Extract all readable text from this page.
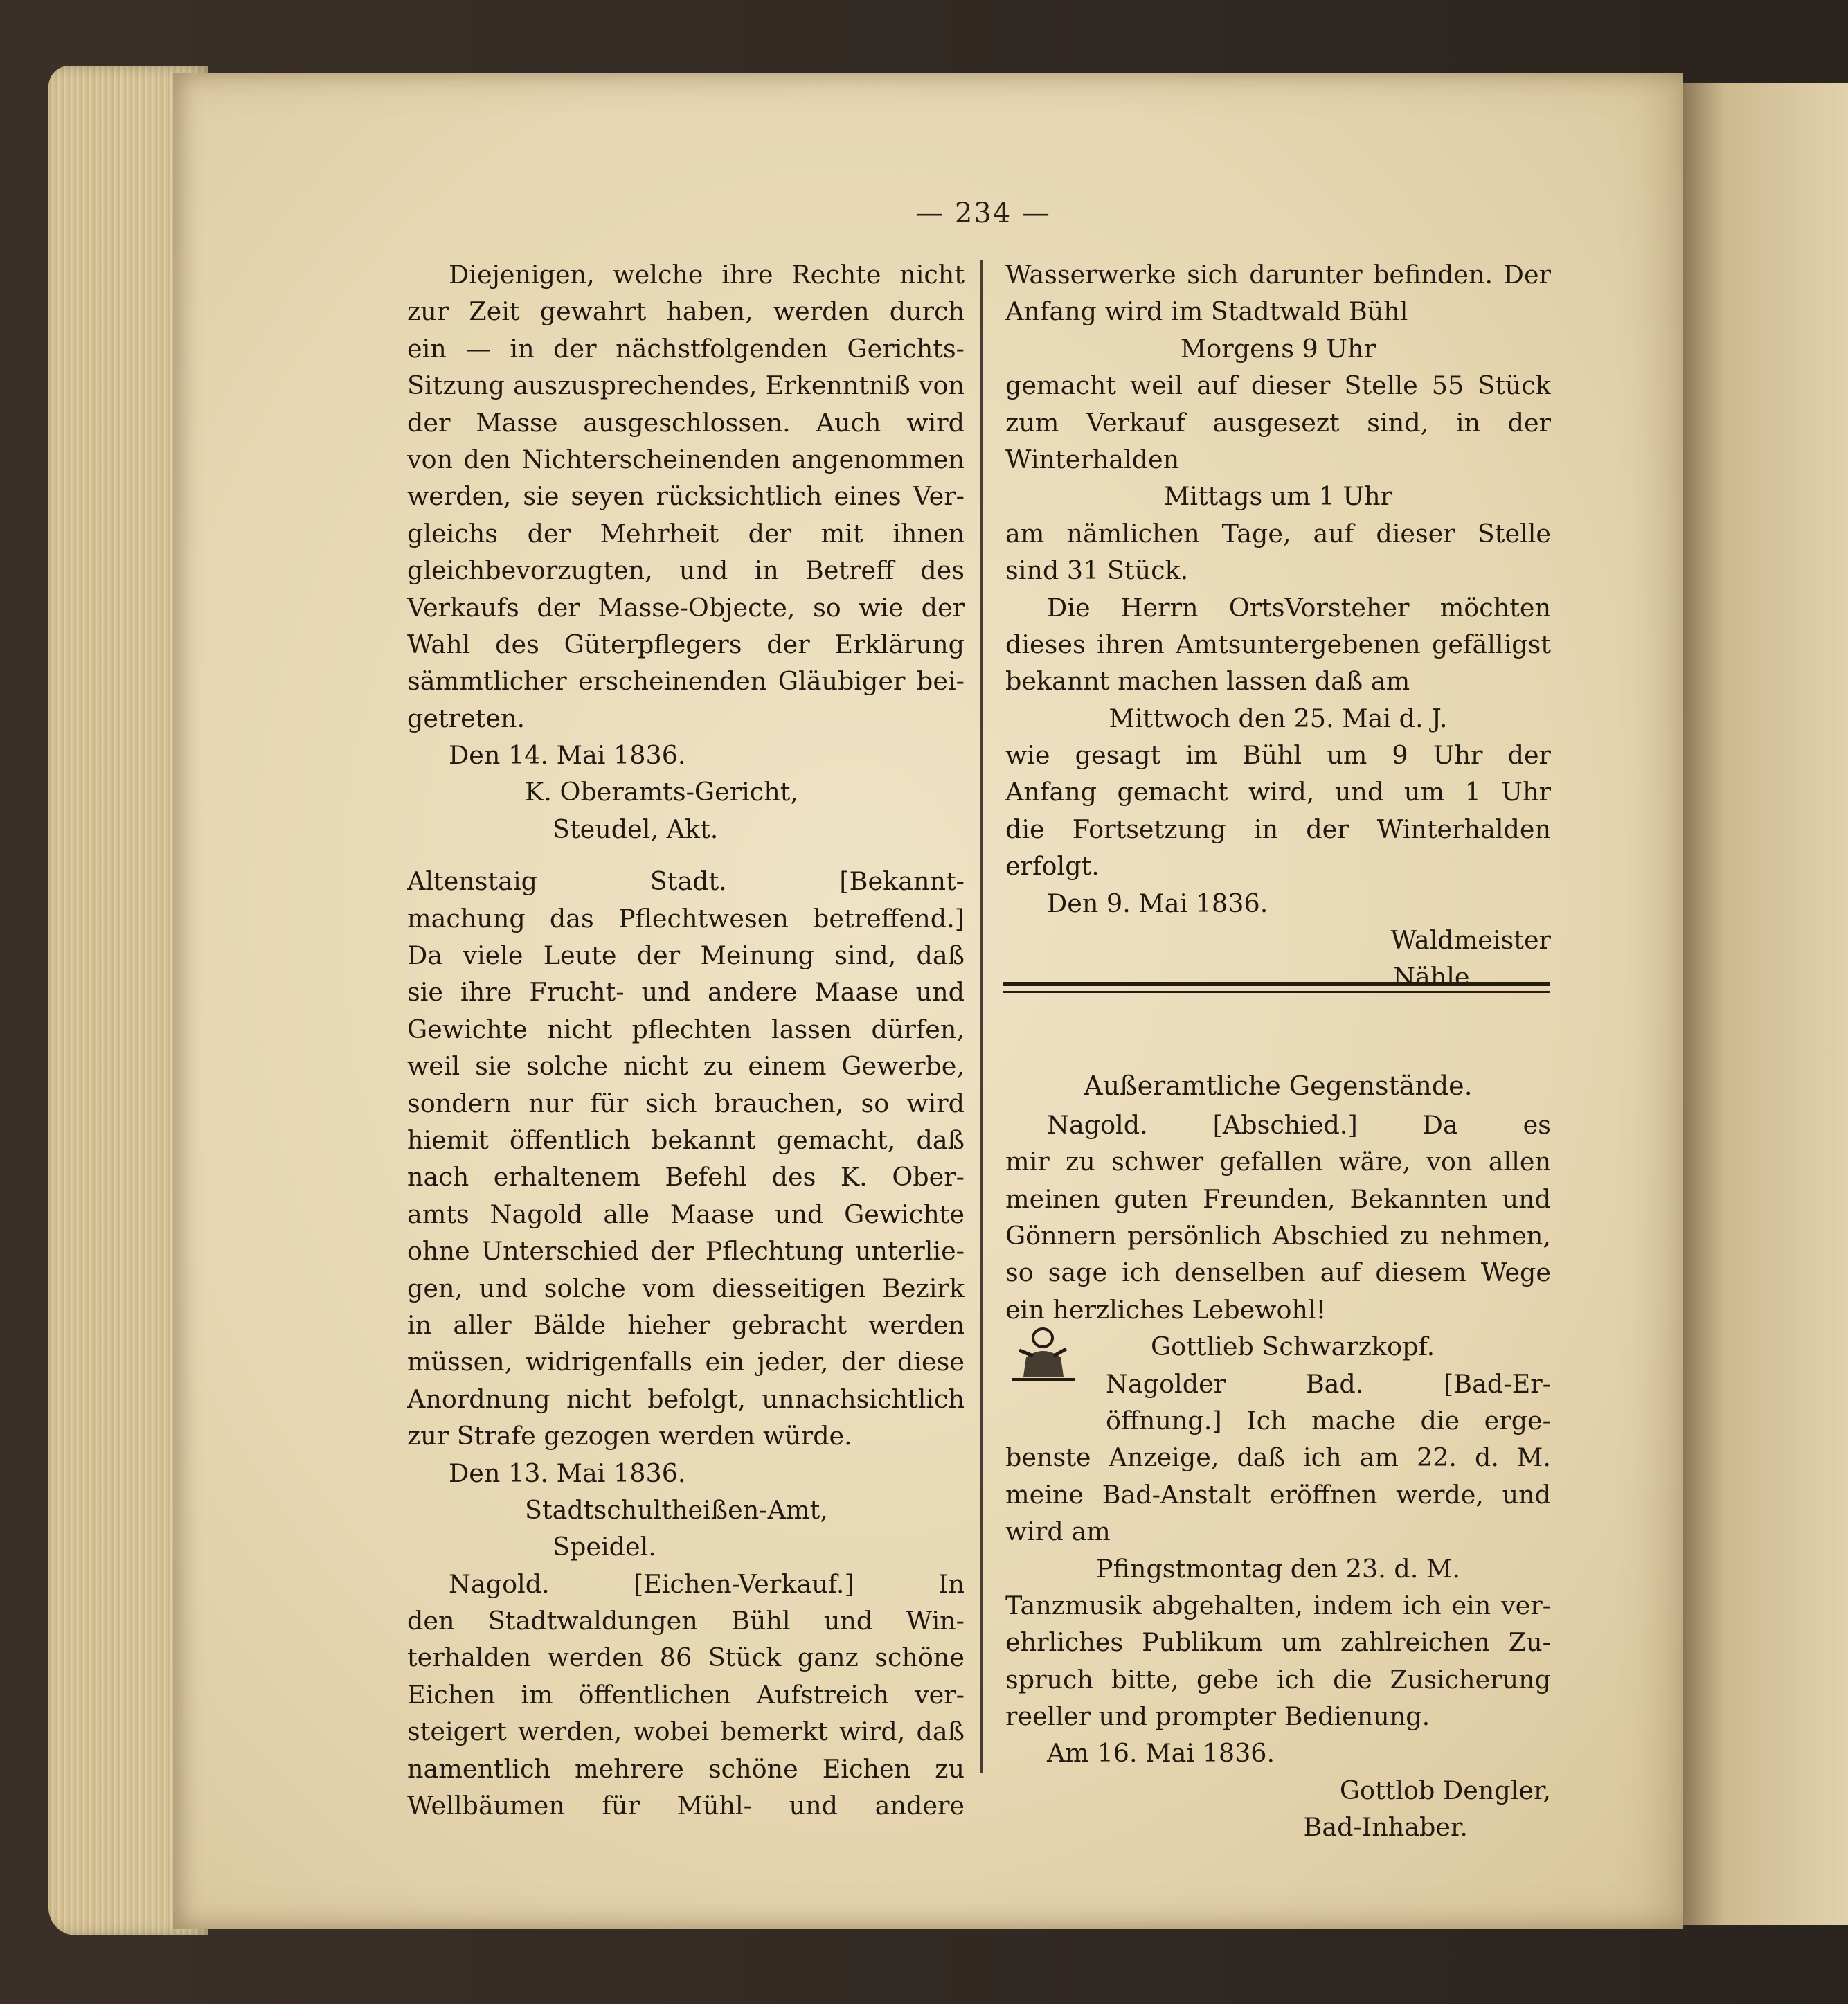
— 234 —
Diejenigen, welche ihre Rechte nicht
zur Zeit gewahrt haben, werden durch
ein — in der nächstfolgenden Gerichts-
Sitzung auszusprechendes, Erkenntniß von
der Masse ausgeschlossen. Auch wird
von den Nichterscheinenden angenommen
werden, sie seyen rücksichtlich eines Ver-
gleichs der Mehrheit der mit ihnen
gleichbevorzugten, und in Betreff des
Verkaufs der Masse-Objecte, so wie der
Wahl des Güterpflegers der Erklärung
sämmtlicher erscheinenden Gläubiger bei-
getreten.
Den 14. Mai 1836.
K. Oberamts-Gericht,
Steudel, Akt.
Altenstaig Stadt. [Bekannt-
machung das Pflechtwesen betreffend.]
Da viele Leute der Meinung sind, daß
sie ihre Frucht- und andere Maase und
Gewichte nicht pflechten lassen dürfen,
weil sie solche nicht zu einem Gewerbe,
sondern nur für sich brauchen, so wird
hiemit öffentlich bekannt gemacht, daß
nach erhaltenem Befehl des K. Ober-
amts Nagold alle Maase und Gewichte
ohne Unterschied der Pflechtung unterlie-
gen, und solche vom diesseitigen Bezirk
in aller Bälde hieher gebracht werden
müssen, widrigenfalls ein jeder, der diese
Anordnung nicht befolgt, unnachsichtlich
zur Strafe gezogen werden würde.
Den 13. Mai 1836.
Stadtschultheißen-Amt,
Speidel.
Nagold. [Eichen-Verkauf.] In
den Stadtwaldungen Bühl und Win-
terhalden werden 86 Stück ganz schöne
Eichen im öffentlichen Aufstreich ver-
steigert werden, wobei bemerkt wird, daß
namentlich mehrere schöne Eichen zu
Wellbäumen für Mühl- und andere
Wasserwerke sich darunter befinden. Der
Anfang wird im Stadtwald Bühl
Morgens 9 Uhr
gemacht weil auf dieser Stelle 55 Stück
zum Verkauf ausgesezt sind, in der
Winterhalden
Mittags um 1 Uhr
am nämlichen Tage, auf dieser Stelle
sind 31 Stück.
Die Herrn OrtsVorsteher möchten
dieses ihren Amtsuntergebenen gefälligst
bekannt machen lassen daß am
Mittwoch den 25. Mai d. J.
wie gesagt im Bühl um 9 Uhr der
Anfang gemacht wird, und um 1 Uhr
die Fortsetzung in der Winterhalden
erfolgt.
Den 9. Mai 1836.
Waldmeister
Nähle.
Außeramtliche Gegenstände.
Nagold. [Abschied.] Da es
mir zu schwer gefallen wäre, von allen
meinen guten Freunden, Bekannten und
Gönnern persönlich Abschied zu nehmen,
so sage ich denselben auf diesem Wege
ein herzliches Lebewohl!
Gottlieb Schwarzkopf.
Nagolder Bad. [Bad-Er-
öffnung.] Ich mache die erge-
benste Anzeige, daß ich am 22. d. M.
meine Bad-Anstalt eröffnen werde, und
wird am
Pfingstmontag den 23. d. M.
Tanzmusik abgehalten, indem ich ein ver-
ehrliches Publikum um zahlreichen Zu-
spruch bitte, gebe ich die Zusicherung
reeller und prompter Bedienung.
Am 16. Mai 1836.
Gottlob Dengler,
Bad-Inhaber.
